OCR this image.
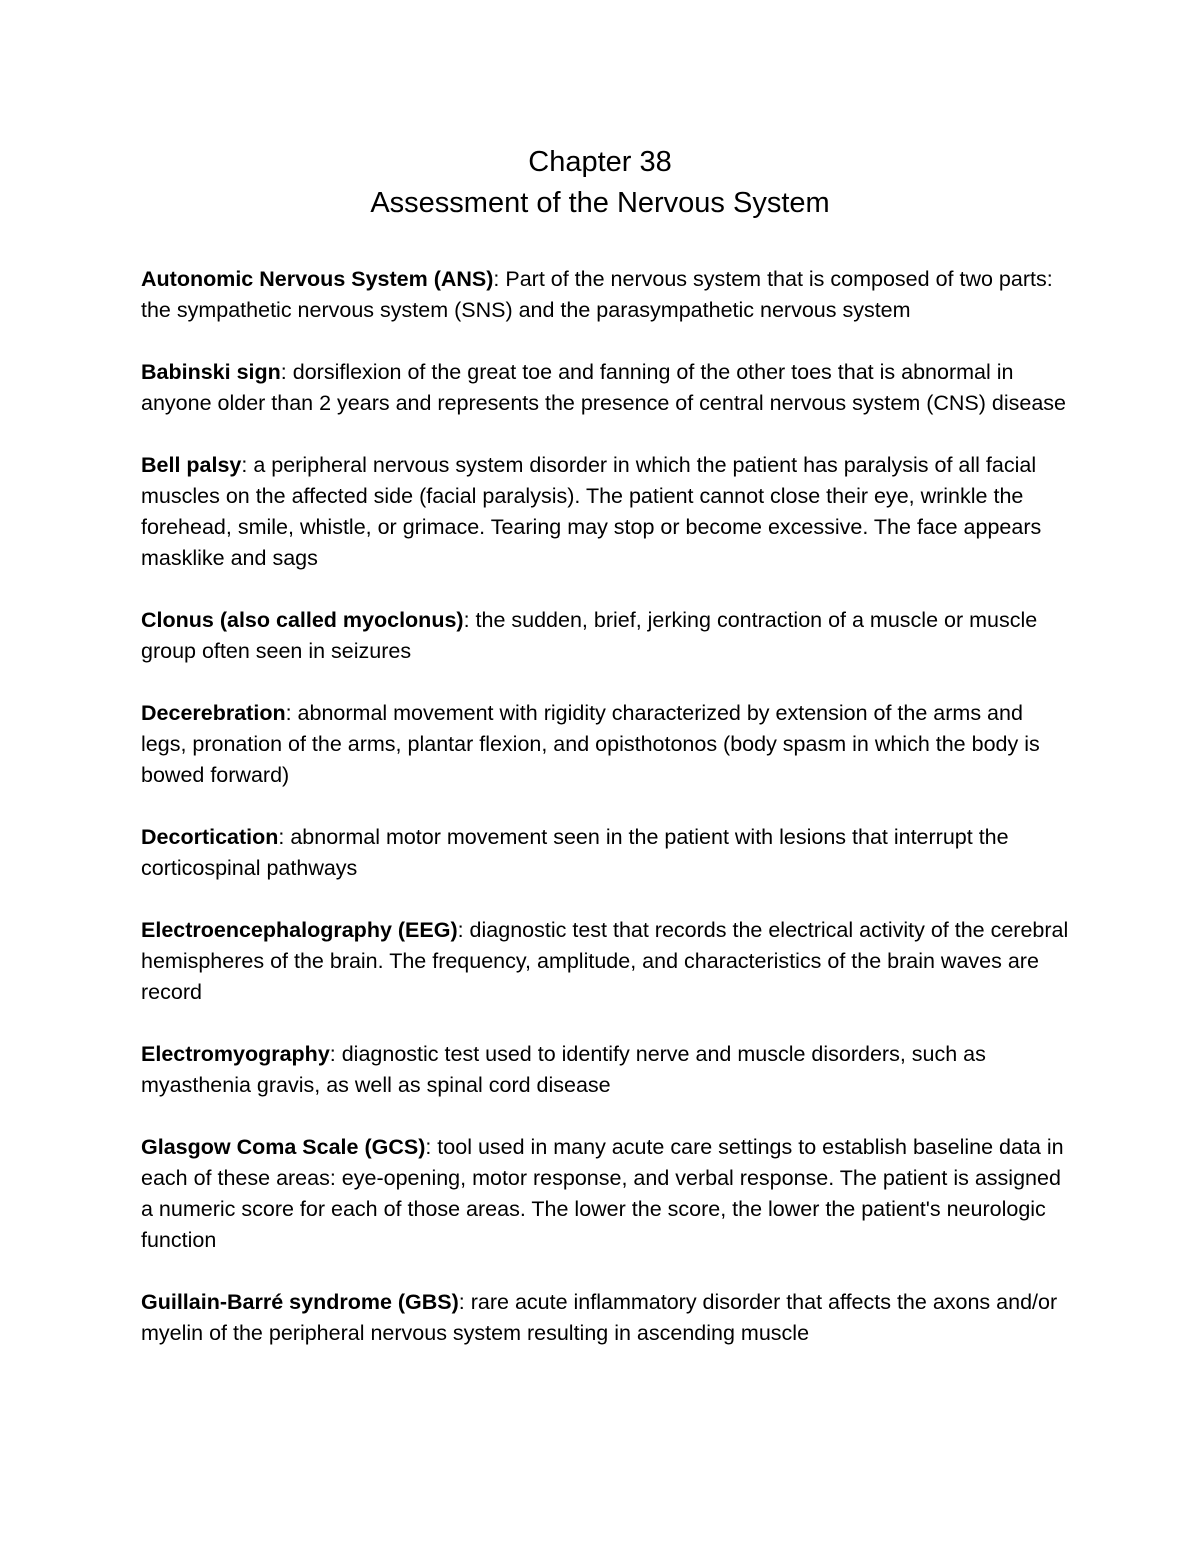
Chapter 38
Assessment of the Nervous System

Autonomic Nervous System (ANS): Part of the nervous system that is composed of two parts: the sympathetic nervous system (SNS) and the parasympathetic nervous system

Babinski sign: dorsiflexion of the great toe and fanning of the other toes that is abnormal in anyone older than 2 years and represents the presence of central nervous system (CNS) disease

Bell palsy: a peripheral nervous system disorder in which the patient has paralysis of all facial muscles on the affected side (facial paralysis). The patient cannot close their eye, wrinkle the forehead, smile, whistle, or grimace. Tearing may stop or become excessive. The face appears masklike and sags

Clonus (also called myoclonus): the sudden, brief, jerking contraction of a muscle or muscle group often seen in seizures

Decerebration: abnormal movement with rigidity characterized by extension of the arms and legs, pronation of the arms, plantar flexion, and opisthotonos (body spasm in which the body is bowed forward)

Decortication: abnormal motor movement seen in the patient with lesions that interrupt the corticospinal pathways

Electroencephalography (EEG): diagnostic test that records the electrical activity of the cerebral hemispheres of the brain. The frequency, amplitude, and characteristics of the brain waves are record

Electromyography: diagnostic test used to identify nerve and muscle disorders, such as myasthenia gravis, as well as spinal cord disease

Glasgow Coma Scale (GCS): tool used in many acute care settings to establish baseline data in each of these areas: eye-opening, motor response, and verbal response. The patient is assigned a numeric score for each of those areas. The lower the score, the lower the patient's neurologic function

Guillain-Barré syndrome (GBS): rare acute inflammatory disorder that affects the axons and/or myelin of the peripheral nervous system resulting in ascending muscle
